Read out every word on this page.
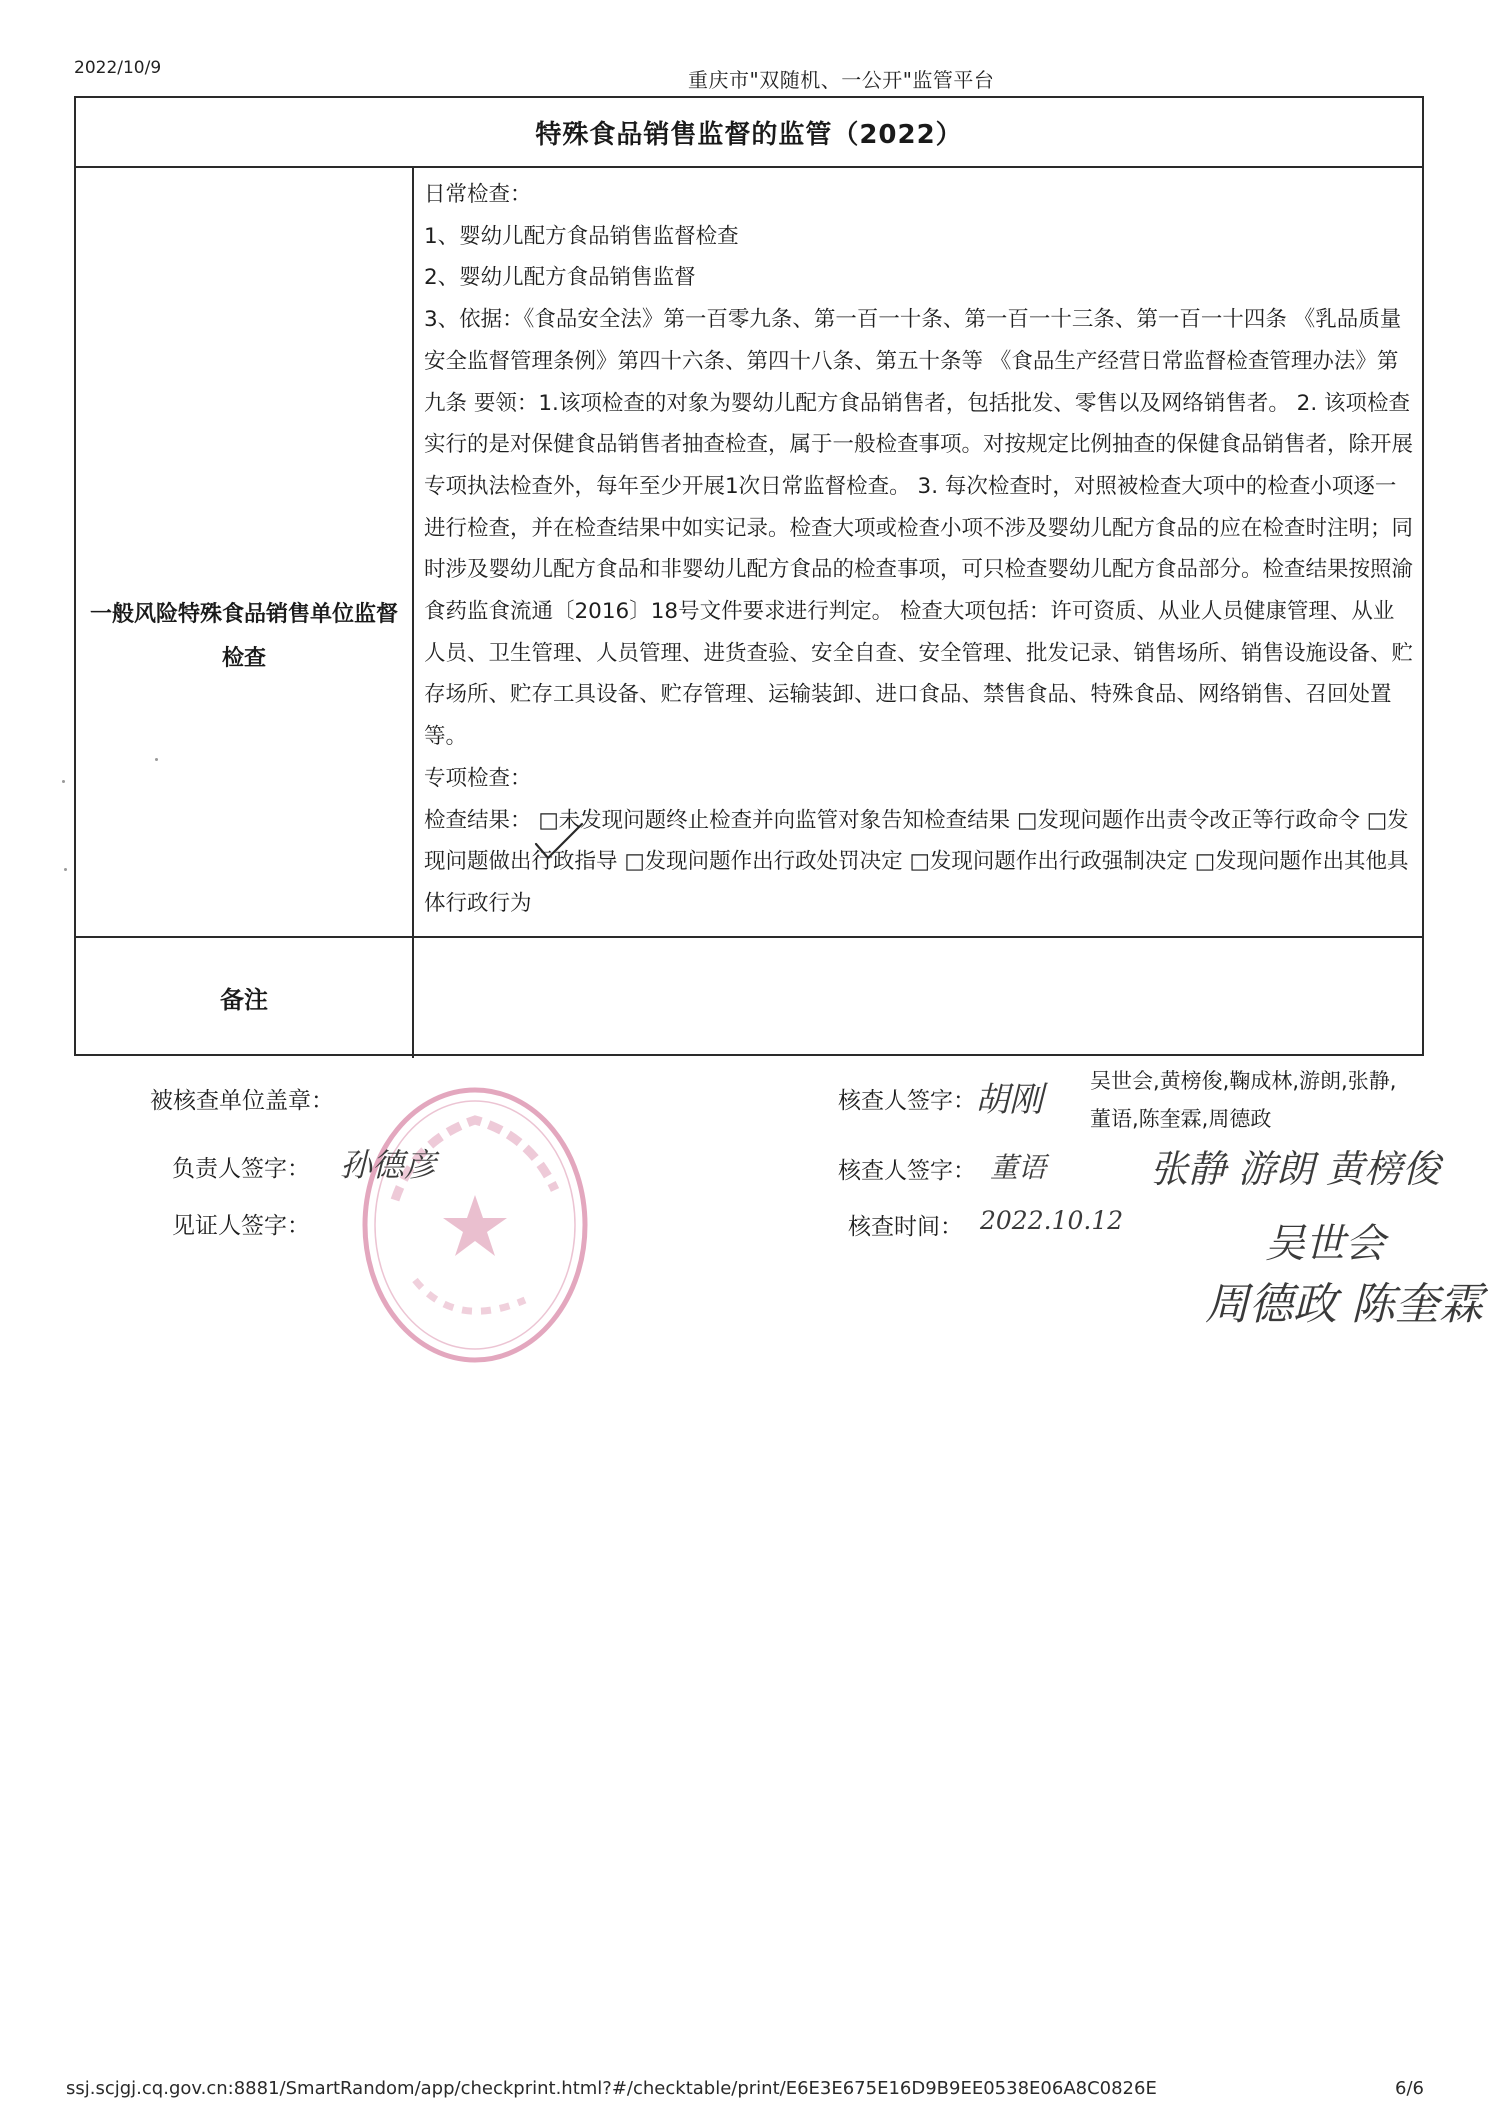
2022/10/9	重庆市"双随机、一公开"监管平台
特殊食品销售监督的监管（2022）
一般风险特殊食品销售单位监督检查

日常检查：

1、婴幼儿配方食品销售监督检查

2、婴幼儿配方食品销售监督

3、依据：《食品安全法》第一百零九条、第一百一十条、第一百一十三条、第一百一十四条 《乳品质量安全监督管理条例》第四十六条、第四十八条、第五十条等 《食品生产经营日常监督检查管理办法》第九条 要领：1.该项检查的对象为婴幼儿配方食品销售者，包括批发、零售以及网络销售者。 2. 该项检查实行的是对保健食品销售者抽查检查，属于一般检查事项。对按规定比例抽查的保健食品销售者，除开展专项执法检查外，每年至少开展1次日常监督检查。 3. 每次检查时，对照被检查大项中的检查小项逐一进行检查，并在检查结果中如实记录。检查大项或检查小项不涉及婴幼儿配方食品的应在检查时注明；同时涉及婴幼儿配方食品和非婴幼儿配方食品的检查事项，可只检查婴幼儿配方食品部分。检查结果按照渝食药监食流通〔2016〕18号文件要求进行判定。 检查大项包括：许可资质、从业人员健康管理、从业人员、卫生管理、人员管理、进货查验、安全自查、安全管理、批发记录、销售场所、销售设施设备、贮存场所、贮存工具设备、贮存管理、运输装卸、进口食品、禁售食品、特殊食品、网络销售、召回处置等。

专项检查：

检查结果： □未发现问题终止检查并向监管对象告知检查结果 □发现问题作出责令改正等行政命令 □发现问题做出行政指导 □发现问题作出行政处罚决定 □发现问题作出行政强制决定 □发现问题作出其他具体行政行为

备注
被核查单位盖章：
负责人签字： 孙德彦
见证人签字：
核查人签字： 胡刚 吴世会,黄榜俊,鞠成林,游朗,张静,董语,陈奎霖,周德政
核查人签字： 董语	张静 游朗 黄榜俊
核查时间： 2022.10.12
吴世会
周德政 陈奎霖
ssj.scjgj.cq.gov.cn:8881/SmartRandom/app/checkprint.html?#/checktable/print/E6E3E675E16D9B9EE0538E06A8C0826E	6/6
